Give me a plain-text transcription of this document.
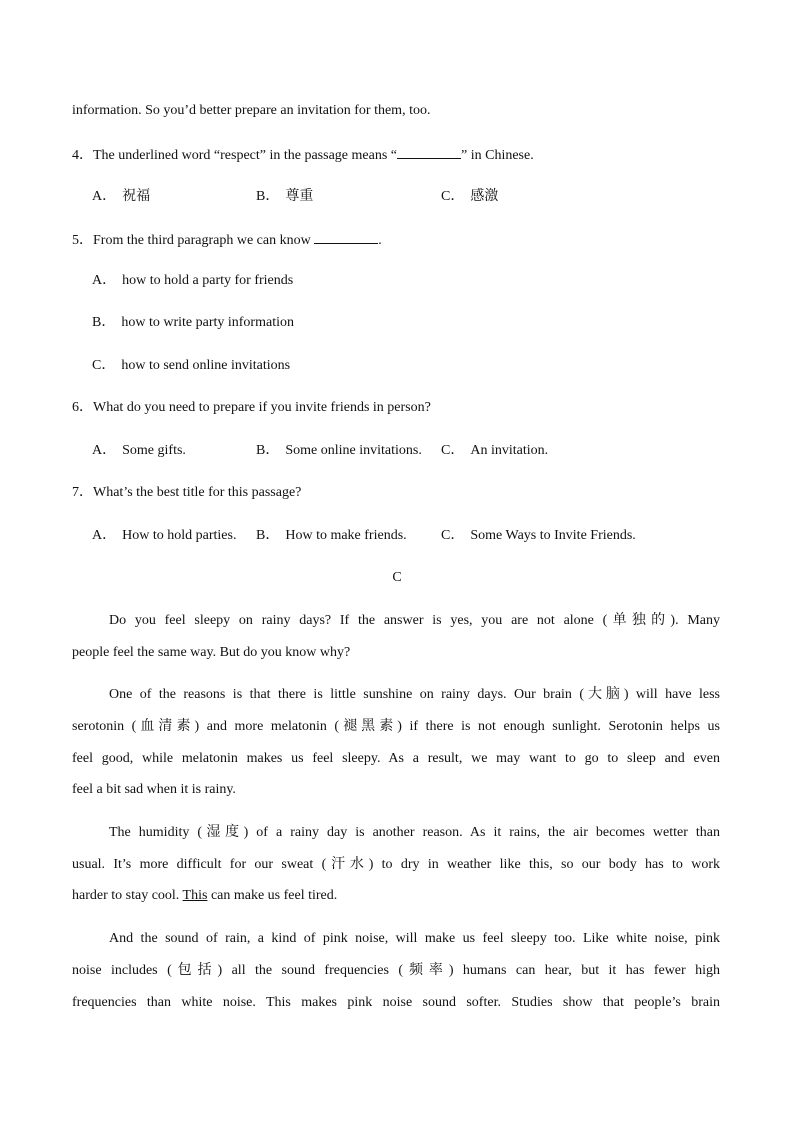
information. So you’d better prepare an invitation for them, too.
4．The underlined word “respect” in the passage means “	” in Chinese.
A． 祝福	B． 尊重	C． 感激
5．From the third paragraph we can know	.
A． how to hold a party for friends
B． how to write party information
C． how to send online invitations
6．What do you need to prepare if you invite friends in person?
A． Some gifts.	B． Some online invitations. C． An invitation.
7．What’s the best title for this passage?
A． How to hold parties. B． How to make friends. C． Some Ways to Invite Friends.
C
Do you feel sleepy on rainy days? If the answer is yes, you are not alone (单独的). Many
people feel the same way. But do you know why?
One of the reasons is that there is little sunshine on rainy days. Our brain (大脑) will have less
serotonin (血清素) and more melatonin (褪黑素) if there is not enough sunlight. Serotonin helps us
feel good, while melatonin makes us feel sleepy. As a result, we may want to go to sleep and even
feel a bit sad when it is rainy.
The humidity (湿度) of a rainy day is another reason. As it rains, the air becomes wetter than
usual. It’s more difficult for our sweat (汗水) to dry in weather like this, so our body has to work
harder to stay cool. This can make us feel tired.
And the sound of rain, a kind of pink noise, will make us feel sleepy too. Like white noise, pink
noise includes (包括) all the sound frequencies (频率) humans can hear, but it has fewer high
frequencies than white noise. This makes pink noise sound softer. Studies show that people’s brain
